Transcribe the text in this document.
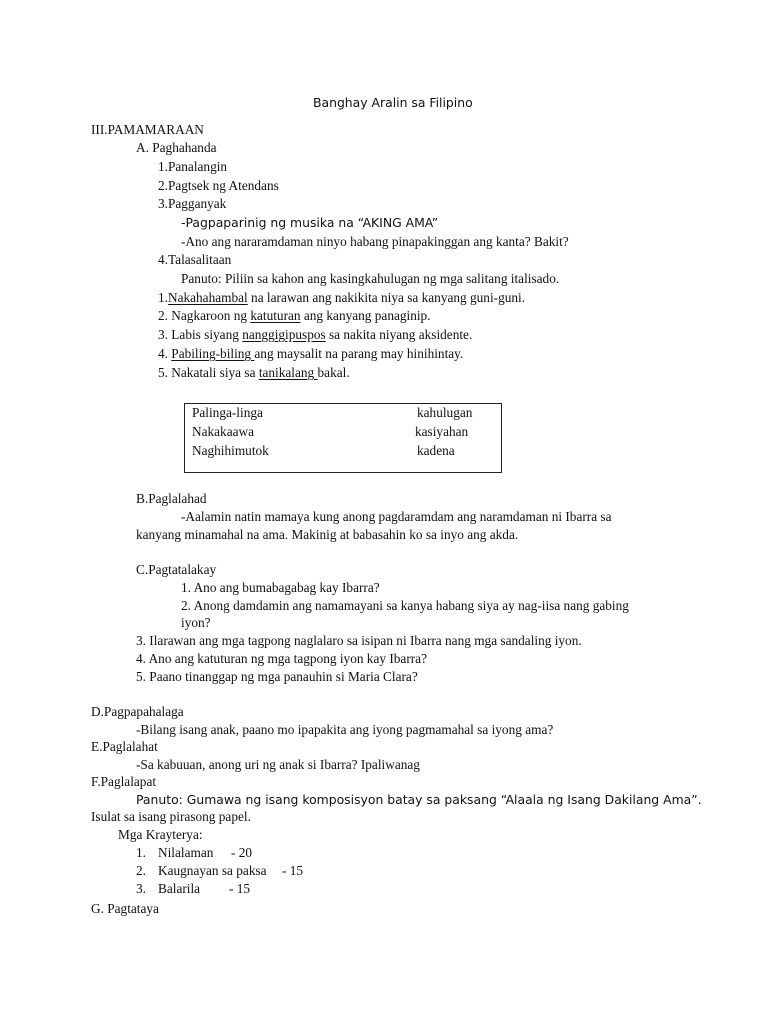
Banghay Aralin sa Filipino
III.PAMAMARAAN
A. Paghahanda
1.Panalangin
2.Pagtsek ng Atendans
3.Pagganyak
-Pagpaparinig ng musika na “AKING AMA”
-Ano ang nararamdaman ninyo habang pinapakinggan ang kanta? Bakit?
4.Talasalitaan
Panuto: Piliin sa kahon ang kasingkahulugan ng mga salitang italisado.
1.Nakahahambal na larawan ang nakikita niya sa kanyang guni-guni.
2. Nagkaroon ng katuturan ang kanyang panaginip.
3. Labis siyang nanggigipuspos sa nakita niyang aksidente.
4. Pabiling-biling ang maysalit na parang may hinihintay.
5. Nakatali siya sa tanikalang bakal.
Palinga-linga
Nakakaawa
Naghihimutok
kahulugan
kasiyahan
kadena
B.Paglalahad
-Aalamin natin mamaya kung anong pagdaramdam ang naramdaman ni Ibarra sa
kanyang minamahal na ama. Makinig at babasahin ko sa inyo ang akda.
C.Pagtatalakay
1. Ano ang bumabagabag kay Ibarra?
2. Anong damdamin ang namamayani sa kanya habang siya ay nag-iisa nang gabing
iyon?
3. Ilarawan ang mga tagpong naglalaro sa isipan ni Ibarra nang mga sandaling iyon.
4. Ano ang katuturan ng mga tagpong iyon kay Ibarra?
5. Paano tinanggap ng mga panauhin si Maria Clara?
D.Pagpapahalaga
-Bilang isang anak, paano mo ipapakita ang iyong pagmamahal sa iyong ama?
E.Paglalahat
-Sa kabuuan, anong uri ng anak si Ibarra? Ipaliwanag
F.Paglalapat
Panuto: Gumawa ng isang komposisyon batay sa paksang “Alaala ng Isang Dakilang Ama”.
Isulat sa isang pirasong papel.
Mga Krayterya:
1. Nilalaman - 20
2. Kaugnayan sa paksa - 15
3. Balarila - 15
G. Pagtataya
